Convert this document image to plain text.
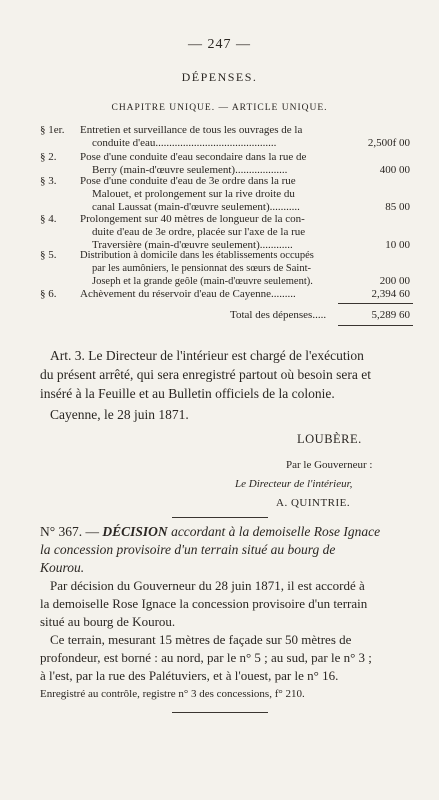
— 247 —
DÉPENSES.
CHAPITRE UNIQUE. — ARTICLE UNIQUE.
§ 1er. Entretien et surveillance de tous les ouvrages de la
conduite d'eau............................................	2,500f 00
§ 2. Pose d'une conduite d'eau secondaire dans la rue de
Berry (main-d'œuvre seulement)...................	400 00
§ 3. Pose d'une conduite d'eau de 3e ordre dans la rue
Malouet, et prolongement sur la rive droite du
canal Laussat (main-d'œuvre seulement)...........	85 00
§ 4. Prolongement sur 40 mètres de longueur de la con-
duite d'eau de 3e ordre, placée sur l'axe de la rue
Traversière (main-d'œuvre seulement)............	10 00
§ 5. Distribution à domicile dans les établissements occupés
par les aumôniers, le pensionnat des sœurs de Saint-
Joseph et la grande geôle (main-d'œuvre seulement).	200 00
§ 6. Achèvement du réservoir d'eau de Cayenne.........	2,394 60
Total des dépenses.....	5,289 60
Art. 3. Le Directeur de l'intérieur est chargé de l'exécution
du présent arrêté, qui sera enregistré partout où besoin sera et
inséré à la Feuille et au Bulletin officiels de la colonie.
Cayenne, le 28 juin 1871.
LOUBÈRE.
Par le Gouverneur :
Le Directeur de l'intérieur,
A. QUINTRIE.
N° 367. — DÉCISION accordant à la demoiselle Rose Ignace
la concession provisoire d'un terrain situé au bourg de
Kourou.
Par décision du Gouverneur du 28 juin 1871, il est accordé à
la demoiselle Rose Ignace la concession provisoire d'un terrain
situé au bourg de Kourou.
Ce terrain, mesurant 15 mètres de façade sur 50 mètres de
profondeur, est borné : au nord, par le n° 5 ; au sud, par le n° 3 ;
à l'est, par la rue des Palétuviers, et à l'ouest, par le n° 16.
Enregistré au contrôle, registre n° 3 des concessions, f° 210.
